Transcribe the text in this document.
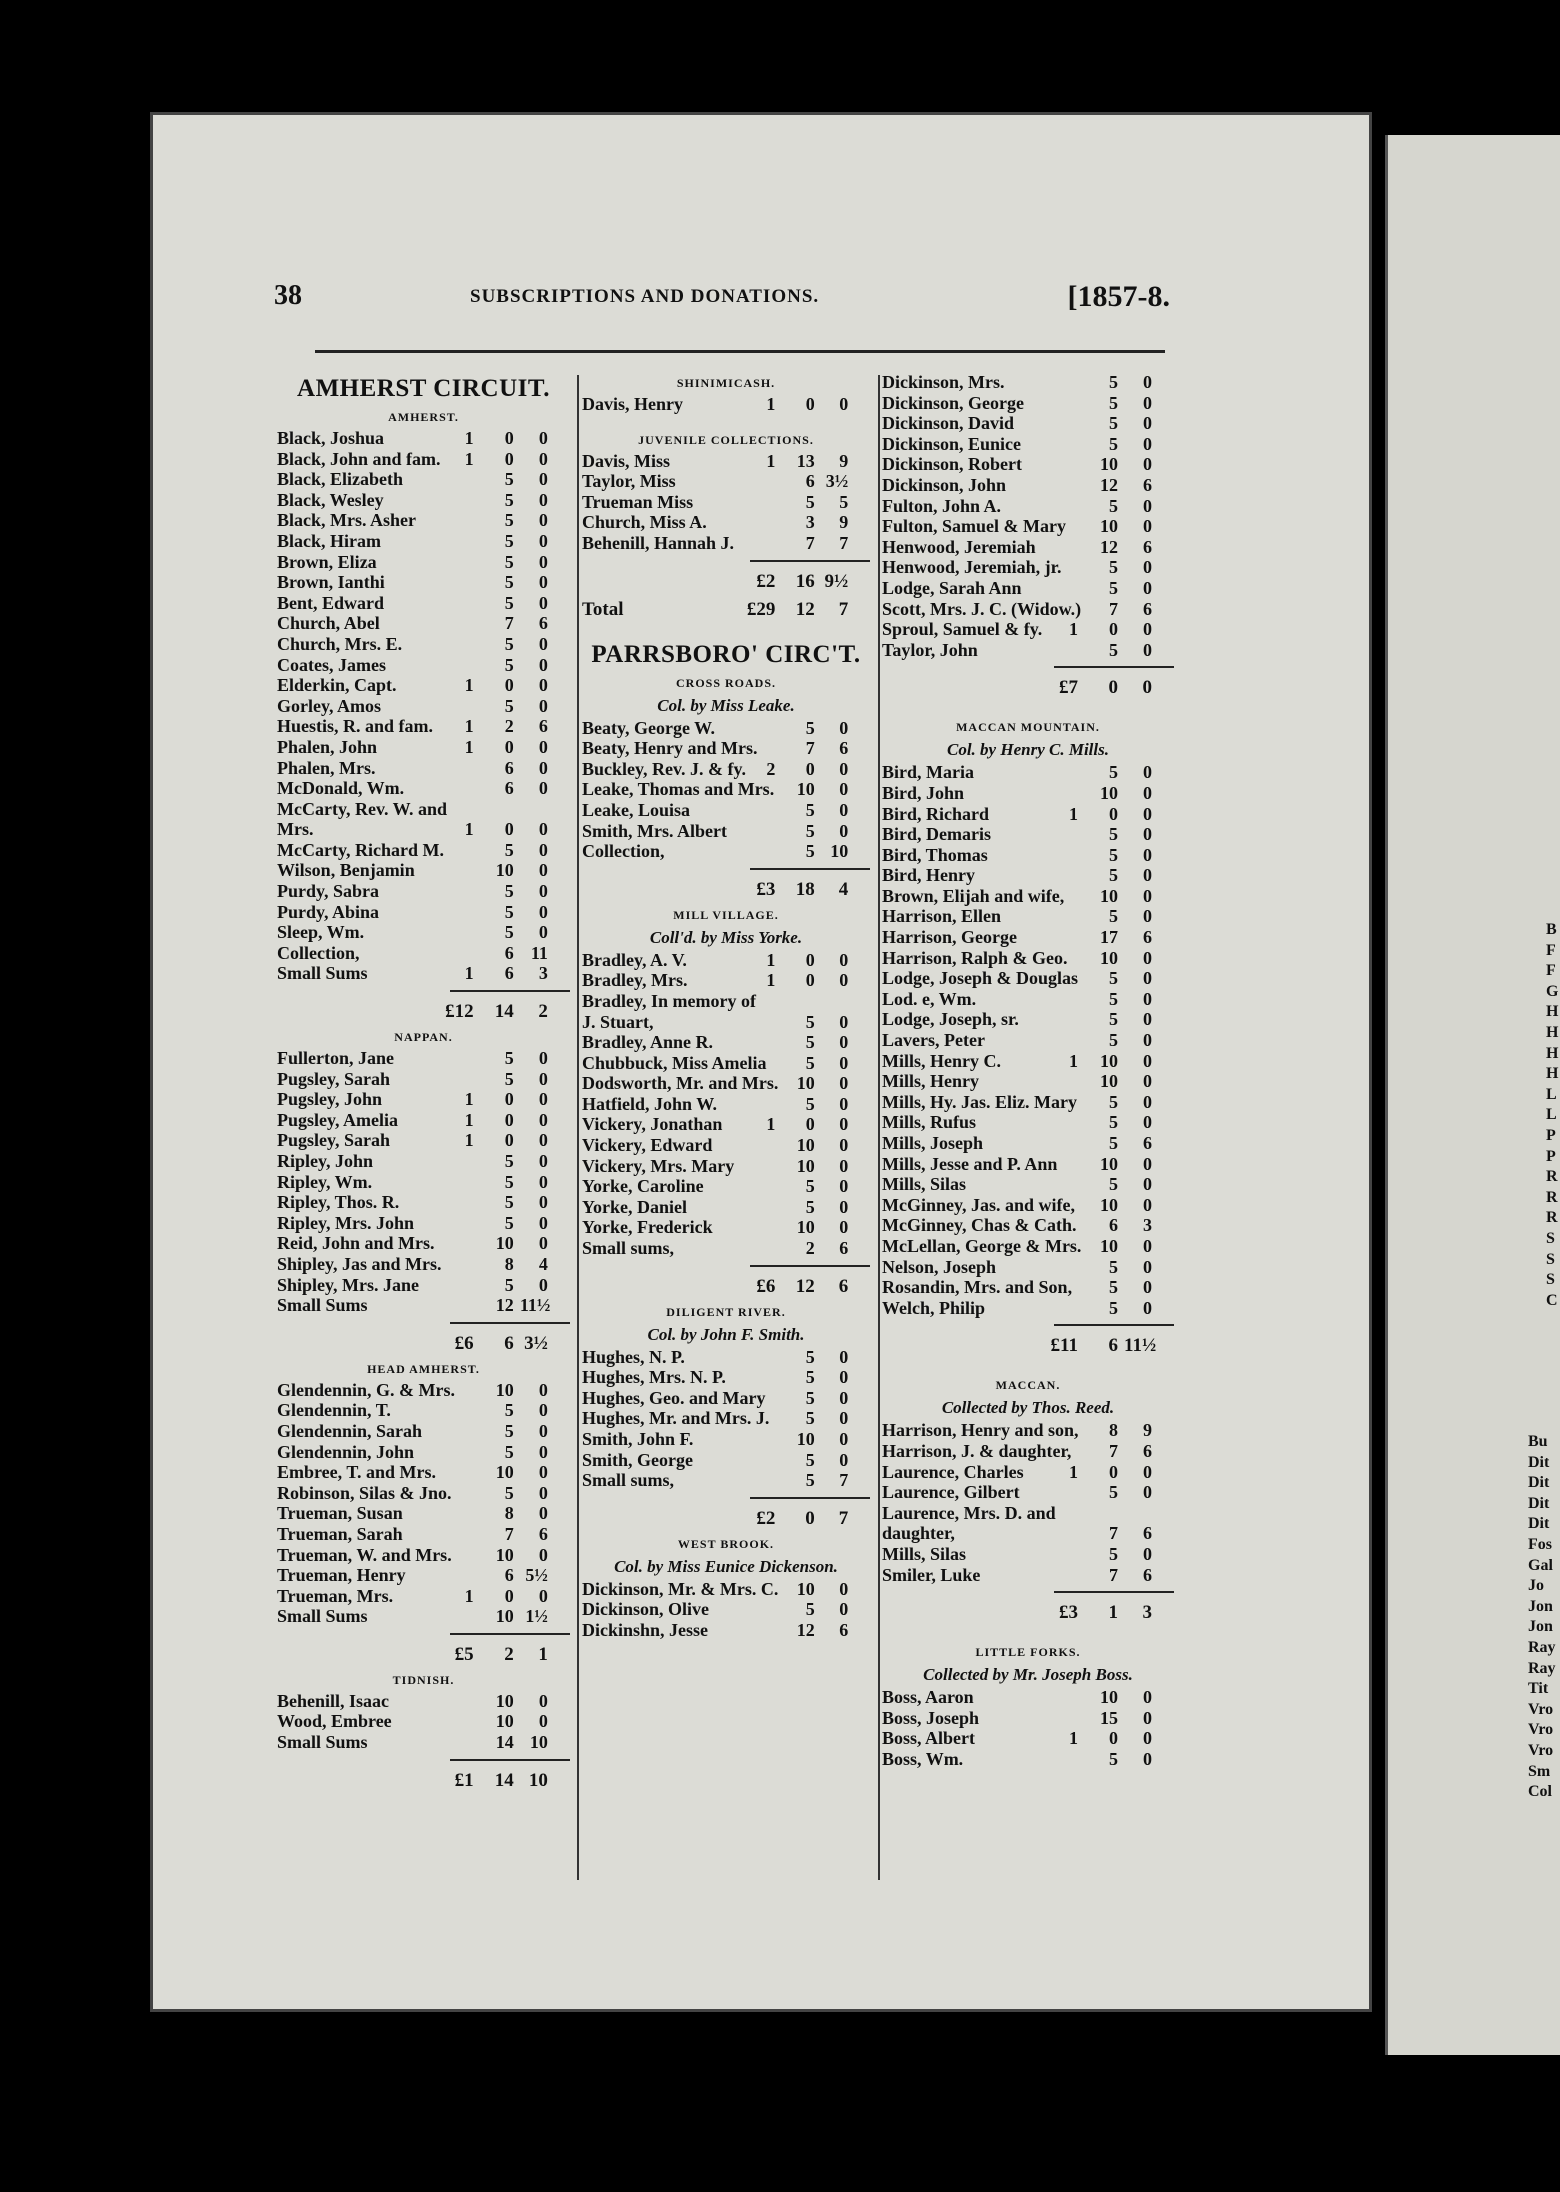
B
F
F
G
H
H
H
H
L
L
P
P
R
R
R
S
S
S
C
Bu
Dit
Dit
Dit
Dit
Fos
Gal
Jo
Jon
Jon
Ray
Ray
Tit
Vro
Vro
Vro
Sm
Col
38	SUBSCRIPTIONS AND DONATIONS.	[1857-8.
AMHERST CIRCUIT.
AMHERST.
Black, Joshua	1	0	0
Black, John and fam.	1	0	0
Black, Elizabeth	5	0
Black, Wesley	5	0
Black, Mrs. Asher	5	0
Black, Hiram	5	0
Brown, Eliza	5	0
Brown, Ianthi	5	0
Bent, Edward	5	0
Church, Abel	7	6
Church, Mrs. E.	5	0
Coates, James	5	0
Elderkin, Capt.	1	0	0
Gorley, Amos	5	0
Huestis, R. and fam.	1	2	6
Phalen, John	1	0	0
Phalen, Mrs.	6	0
McDonald, Wm.	6	0
McCarty, Rev. W. and
Mrs.	1	0	0
McCarty, Richard M.	5	0
Wilson, Benjamin	10	0
Purdy, Sabra	5	0
Purdy, Abina	5	0
Sleep, Wm.	5	0
Collection,	6 11
Small Sums	1	6	3
£12	14	2
NAPPAN.
Fullerton, Jane	5	0
Pugsley, Sarah	5	0
Pugsley, John	1	0	0
Pugsley, Amelia	1	0	0
Pugsley, Sarah	1	0	0
Ripley, John	5	0
Ripley, Wm.	5	0
Ripley, Thos. R.	5	0
Ripley, Mrs. John	5	0
Reid, John and Mrs.	10	0
Shipley, Jas and Mrs.	8	4
Shipley, Mrs. Jane	5	0
Small Sums	12 11½
£6	6 3½
HEAD AMHERST.
Glendennin, G. & Mrs.	10	0
Glendennin, T.	5	0
Glendennin, Sarah	5	0
Glendennin, John	5	0
Embree, T. and Mrs.	10	0
Robinson, Silas & Jno.	5	0
Trueman, Susan	8	0
Trueman, Sarah	7	6
Trueman, W. and Mrs.	10	0
Trueman, Henry	6 5½
Trueman, Mrs.	1	0	0
Small Sums	10 1½
£5	2	1
TIDNISH.
Behenill, Isaac	10	0
Wood, Embree	10	0
Small Sums	14 10
£1	14 10
SHINIMICASH.
Davis, Henry	1	0	0
JUVENILE COLLECTIONS.
Davis, Miss	1	13	9
Taylor, Miss	6 3½
Trueman Miss	5	5
Church, Miss A.	3	9
Behenill, Hannah J.	7	7
£2	16 9½
Total	£29	12	7
PARRSBORO' CIRC'T.
CROSS ROADS.
Col. by Miss Leake.
Beaty, George W.	5	0
Beaty, Henry and Mrs.	7	6
Buckley, Rev. J. & fy.	2	0	0
Leake, Thomas and Mrs.	10	0
Leake, Louisa	5	0
Smith, Mrs. Albert	5	0
Collection,	5 10
£3	18	4
MILL VILLAGE.
Coll'd. by Miss Yorke.
Bradley, A. V.	1	0	0
Bradley, Mrs.	1	0	0
Bradley, In memory of
J. Stuart,	5	0
Bradley, Anne R.	5	0
Chubbuck, Miss Amelia	5	0
Dodsworth, Mr. and Mrs.	10	0
Hatfield, John W.	5	0
Vickery, Jonathan	1	0	0
Vickery, Edward	10	0
Vickery, Mrs. Mary	10	0
Yorke, Caroline	5	0
Yorke, Daniel	5	0
Yorke, Frederick	10	0
Small sums,	2	6
£6	12	6
DILIGENT RIVER.
Col. by John F. Smith.
Hughes, N. P.	5	0
Hughes, Mrs. N. P.	5	0
Hughes, Geo. and Mary	5	0
Hughes, Mr. and Mrs. J.	5	0
Smith, John F.	10	0
Smith, George	5	0
Small sums,	5	7
£2	0	7
WEST BROOK.
Col. by Miss Eunice Dickenson.
Dickinson, Mr. & Mrs. C.	10	0
Dickinson, Olive	5	0
Dickinshn, Jesse	12	6
Dickinson, Mrs.	5	0
Dickinson, George	5	0
Dickinson, David	5	0
Dickinson, Eunice	5	0
Dickinson, Robert	10	0
Dickinson, John	12	6
Fulton, John A.	5	0
Fulton, Samuel & Mary	10	0
Henwood, Jeremiah	12	6
Henwood, Jeremiah, jr.	5	0
Lodge, Sarah Ann	5	0
Scott, Mrs. J. C. (Widow.)	7	6
Sproul, Samuel & fy.	1	0	0
Taylor, John	5	0
£7	0	0
MACCAN MOUNTAIN.
Col. by Henry C. Mills.
Bird, Maria	5	0
Bird, John	10	0
Bird, Richard	1	0	0
Bird, Demaris	5	0
Bird, Thomas	5	0
Bird, Henry	5	0
Brown, Elijah and wife,	10	0
Harrison, Ellen	5	0
Harrison, George	17	6
Harrison, Ralph & Geo.	10	0
Lodge, Joseph & Douglas	5	0
Lod. e, Wm.	5	0
Lodge, Joseph, sr.	5	0
Lavers, Peter	5	0
Mills, Henry C.	1	10	0
Mills, Henry	10	0
Mills, Hy. Jas. Eliz. Mary	5	0
Mills, Rufus	5	0
Mills, Joseph	5	6
Mills, Jesse and P. Ann	10	0
Mills, Silas	5	0
McGinney, Jas. and wife,	10	0
McGinney, Chas & Cath.	6	3
McLellan, George & Mrs.	10	0
Nelson, Joseph	5	0
Rosandin, Mrs. and Son,	5	0
Welch, Philip	5	0
£11	6 11½
MACCAN.
Collected by Thos. Reed.
Harrison, Henry and son,	8	9
Harrison, J. & daughter,	7	6
Laurence, Charles	1	0	0
Laurence, Gilbert	5	0
Laurence, Mrs. D. and
daughter,	7	6
Mills, Silas	5	0
Smiler, Luke	7	6
£3	1	3
LITTLE FORKS.
Collected by Mr. Joseph Boss.
Boss, Aaron	10	0
Boss, Joseph	15	0
Boss, Albert	1	0	0
Boss, Wm.	5	0
